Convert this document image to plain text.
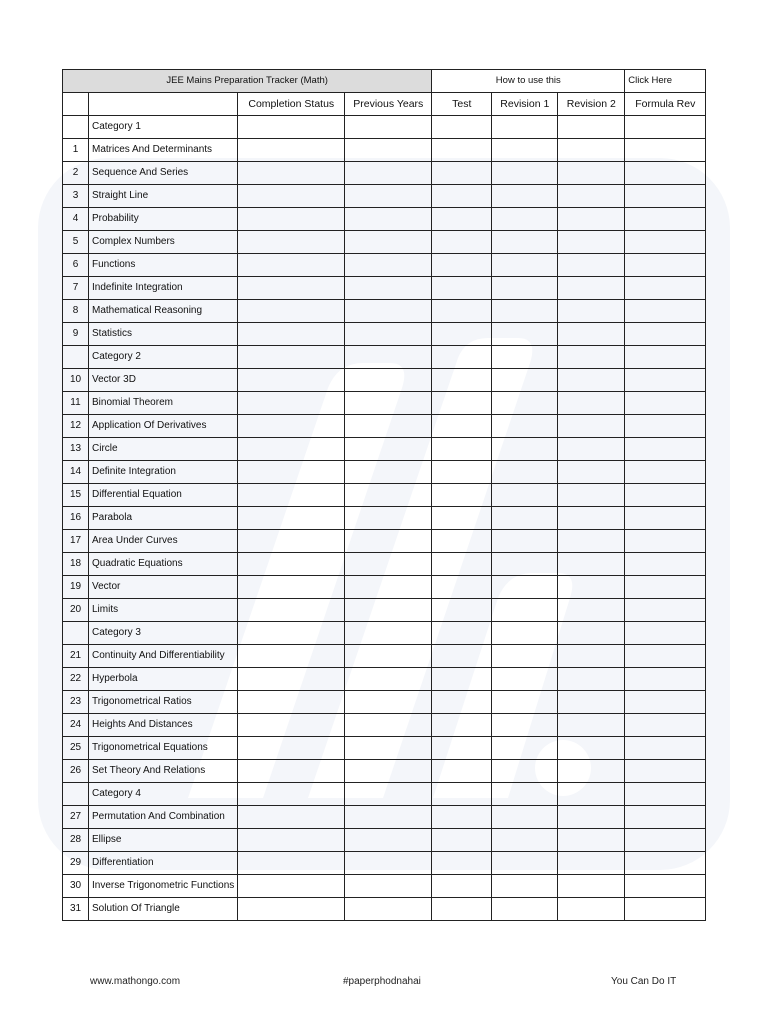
JEE Mains Preparation Tracker (Math)				How to use this			Click Here
		Completion Status	Previous Years	Test	Revision 1	Revision 2	Formula Rev
	Category 1						
1	Matrices And Determinants						
2	Sequence And Series						
3	Straight Line						
4	Probability						
5	Complex Numbers						
6	Functions						
7	Indefinite Integration						
8	Mathematical Reasoning						
9	Statistics						
	Category 2						
10	Vector 3D						
11	Binomial Theorem						
12	Application Of Derivatives						
13	Circle						
14	Definite Integration						
15	Differential Equation						
16	Parabola						
17	Area Under Curves						
18	Quadratic Equations						
19	Vector						
20	Limits						
	Category 3						
21	Continuity And Differentiability						
22	Hyperbola						
23	Trigonometrical Ratios						
24	Heights And Distances						
25	Trigonometrical Equations						
26	Set Theory And Relations						
	Category 4						
27	Permutation And Combination						
28	Ellipse						
29	Differentiation						
30	Inverse Trigonometric Functions						
31	Solution Of Triangle						
www.mathongo.com	#paperphodnahai	You Can Do IT
